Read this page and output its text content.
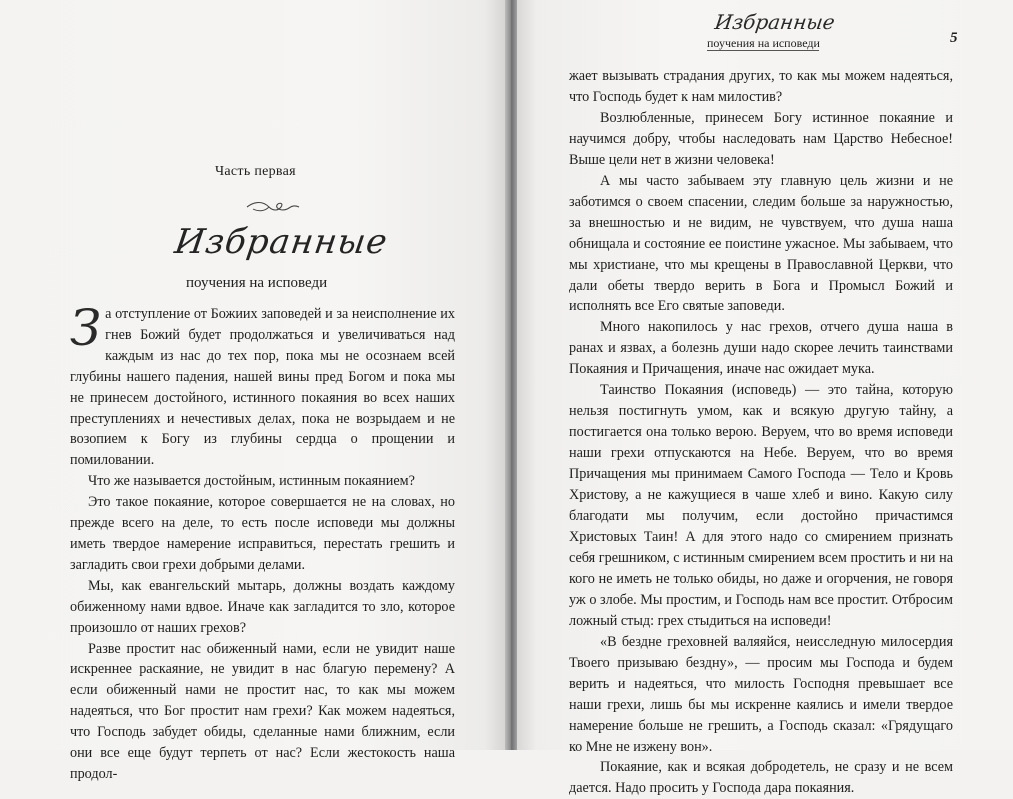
Часть первая
Избранные
поучения на исповеди

За отступление от Божиих заповедей и за неисполнение их гнев Божий будет продолжаться и увеличиваться над каждым из нас до тех пор, пока мы не осознаем всей глубины нашего падения, нашей вины пред Богом и пока мы не принесем достойного, истинного покаяния во всех наших преступлениях и нечестивых делах, пока не возрыдаем и не возопием к Богу из глубины сердца о прощении и помиловании.

Что же называется достойным, истинным покаянием?

Это такое покаяние, которое совершается не на словах, но прежде всего на деле, то есть после исповеди мы должны иметь твердое намерение исправиться, перестать грешить и загладить свои грехи добрыми делами.

Мы, как евангельский мытарь, должны воздать каждому обиженному нами вдвое. Иначе как загладится то зло, которое произошло от наших грехов?

Разве простит нас обиженный нами, если не увидит наше искреннее раскаяние, не увидит в нас благую перемену? А если обиженный нами не простит нас, то как мы можем надеяться, что Бог простит нам грехи? Как можем надеяться, что Господь забудет обиды, сделанные нами ближним, если они все еще будут терпеть от нас? Если жестокость наша продол-

Избранные
поучения на исповеди	5

жает вызывать страдания других, то как мы можем надеяться, что Господь будет к нам милостив?

Возлюбленные, принесем Богу истинное покаяние и научимся добру, чтобы наследовать нам Царство Небесное! Выше цели нет в жизни человека!

А мы часто забываем эту главную цель жизни и не заботимся о своем спасении, следим больше за наружностью, за внешностью и не видим, не чувствуем, что душа наша обнищала и состояние ее поистине ужасное. Мы забываем, что мы христиане, что мы крещены в Православной Церкви, что дали обеты твердо верить в Бога и Промысл Божий и исполнять все Его святые заповеди.

Много накопилось у нас грехов, отчего душа наша в ранах и язвах, а болезнь души надо скорее лечить таинствами Покаяния и Причащения, иначе нас ожидает мука.

Таинство Покаяния (исповедь) — это тайна, которую нельзя постигнуть умом, как и всякую другую тайну, а постигается она только верою. Веруем, что во время исповеди наши грехи отпускаются на Небе. Веруем, что во время Причащения мы принимаем Самого Господа — Тело и Кровь Христову, а не кажущиеся в чаше хлеб и вино. Какую силу благодати мы получим, если достойно причастимся Христовых Таин! А для этого надо со смирением признать себя грешником, с истинным смирением всем простить и ни на кого не иметь не только обиды, но даже и огорчения, не говоря уж о злобе. Мы простим, и Господь нам все простит. Отбросим ложный стыд: грех стыдиться на исповеди!

«В бездне греховней валяяйся, неисследную милосердия Твоего призываю бездну», — просим мы Господа и будем верить и надеяться, что милость Господня превышает все наши грехи, лишь бы мы искренне каялись и имели твердое намерение больше не грешить, а Господь сказал: «Грядущаго ко Мне не изжену вон».

Покаяние, как и всякая добродетель, не сразу и не всем дается. Надо просить у Господа дара покаяния.
